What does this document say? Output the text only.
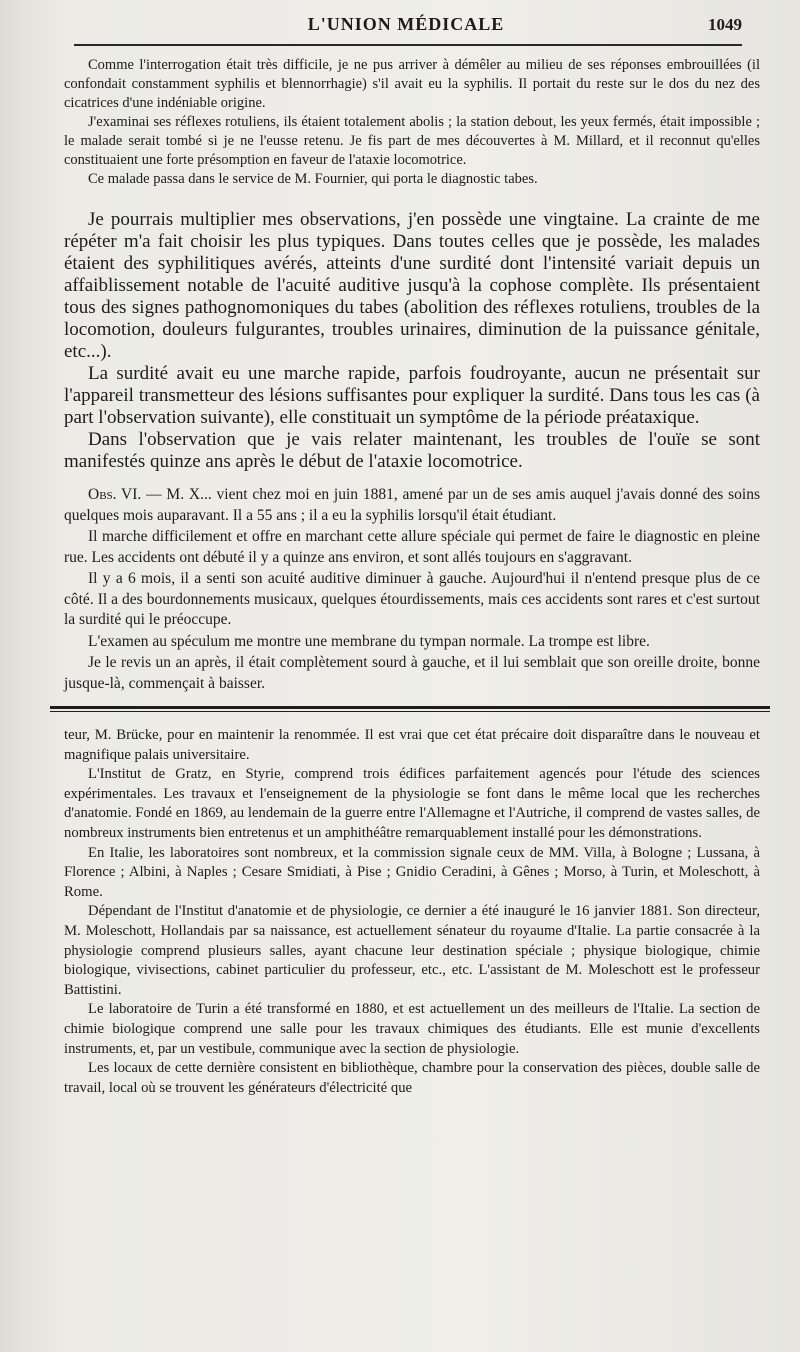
L'UNION MÉDICALE	1049

Comme l'interrogation était très difficile, je ne pus arriver à démêler au milieu de ses réponses embrouillées (il confondait constamment syphilis et blennorrhagie) s'il avait eu la syphilis. Il portait du reste sur le dos du nez des cicatrices d'une indéniable origine.

J'examinai ses réflexes rotuliens, ils étaient totalement abolis ; la station debout, les yeux fermés, était impossible ; le malade serait tombé si je ne l'eusse retenu. Je fis part de mes découvertes à M. Millard, et il reconnut qu'elles constituaient une forte présomption en faveur de l'ataxie locomotrice.

Ce malade passa dans le service de M. Fournier, qui porta le diagnostic tabes.

Je pourrais multiplier mes observations, j'en possède une vingtaine. La crainte de me répéter m'a fait choisir les plus typiques. Dans toutes celles que je possède, les malades étaient des syphilitiques avérés, atteints d'une surdité dont l'intensité variait depuis un affaiblissement notable de l'acuité auditive jusqu'à la cophose complète. Ils présentaient tous des signes pathognomoniques du tabes (abolition des réflexes rotuliens, troubles de la locomotion, douleurs fulgurantes, troubles urinaires, diminution de la puissance génitale, etc...).

La surdité avait eu une marche rapide, parfois foudroyante, aucun ne présentait sur l'appareil transmetteur des lésions suffisantes pour expliquer la surdité. Dans tous les cas (à part l'observation suivante), elle constituait un symptôme de la période préataxique.

Dans l'observation que je vais relater maintenant, les troubles de l'ouïe se sont manifestés quinze ans après le début de l'ataxie locomotrice.

Obs. VI. — M. X... vient chez moi en juin 1881, amené par un de ses amis auquel j'avais donné des soins quelques mois auparavant. Il a 55 ans ; il a eu la syphilis lorsqu'il était étudiant.

Il marche difficilement et offre en marchant cette allure spéciale qui permet de faire le diagnostic en pleine rue. Les accidents ont débuté il y a quinze ans environ, et sont allés toujours en s'aggravant.

Il y a 6 mois, il a senti son acuité auditive diminuer à gauche. Aujourd'hui il n'entend presque plus de ce côté. Il a des bourdonnements musicaux, quelques étourdissements, mais ces accidents sont rares et c'est surtout la surdité qui le préoccupe.

L'examen au spéculum me montre une membrane du tympan normale. La trompe est libre.

Je le revis un an après, il était complètement sourd à gauche, et il lui semblait que son oreille droite, bonne jusque-là, commençait à baisser.

teur, M. Brücke, pour en maintenir la renommée. Il est vrai que cet état précaire doit disparaître dans le nouveau et magnifique palais universitaire.

L'Institut de Gratz, en Styrie, comprend trois édifices parfaitement agencés pour l'étude des sciences expérimentales. Les travaux et l'enseignement de la physiologie se font dans le même local que les recherches d'anatomie. Fondé en 1869, au lendemain de la guerre entre l'Allemagne et l'Autriche, il comprend de vastes salles, de nombreux instruments bien entretenus et un amphithéâtre remarquablement installé pour les démonstrations.

En Italie, les laboratoires sont nombreux, et la commission signale ceux de MM. Villa, à Bologne ; Lussana, à Florence ; Albini, à Naples ; Cesare Smidiati, à Pise ; Gnidio Ceradini, à Gênes ; Morso, à Turin, et Moleschott, à Rome.

Dépendant de l'Institut d'anatomie et de physiologie, ce dernier a été inauguré le 16 janvier 1881. Son directeur, M. Moleschott, Hollandais par sa naissance, est actuellement sénateur du royaume d'Italie. La partie consacrée à la physiologie comprend plusieurs salles, ayant chacune leur destination spéciale ; physique biologique, chimie biologique, vivisections, cabinet particulier du professeur, etc., etc. L'assistant de M. Moleschott est le professeur Battistini.

Le laboratoire de Turin a été transformé en 1880, et est actuellement un des meilleurs de l'Italie. La section de chimie biologique comprend une salle pour les travaux chimiques des étudiants. Elle est munie d'excellents instruments, et, par un vestibule, communique avec la section de physiologie.

Les locaux de cette dernière consistent en bibliothèque, chambre pour la conservation des pièces, double salle de travail, local où se trouvent les générateurs d'électricité que
